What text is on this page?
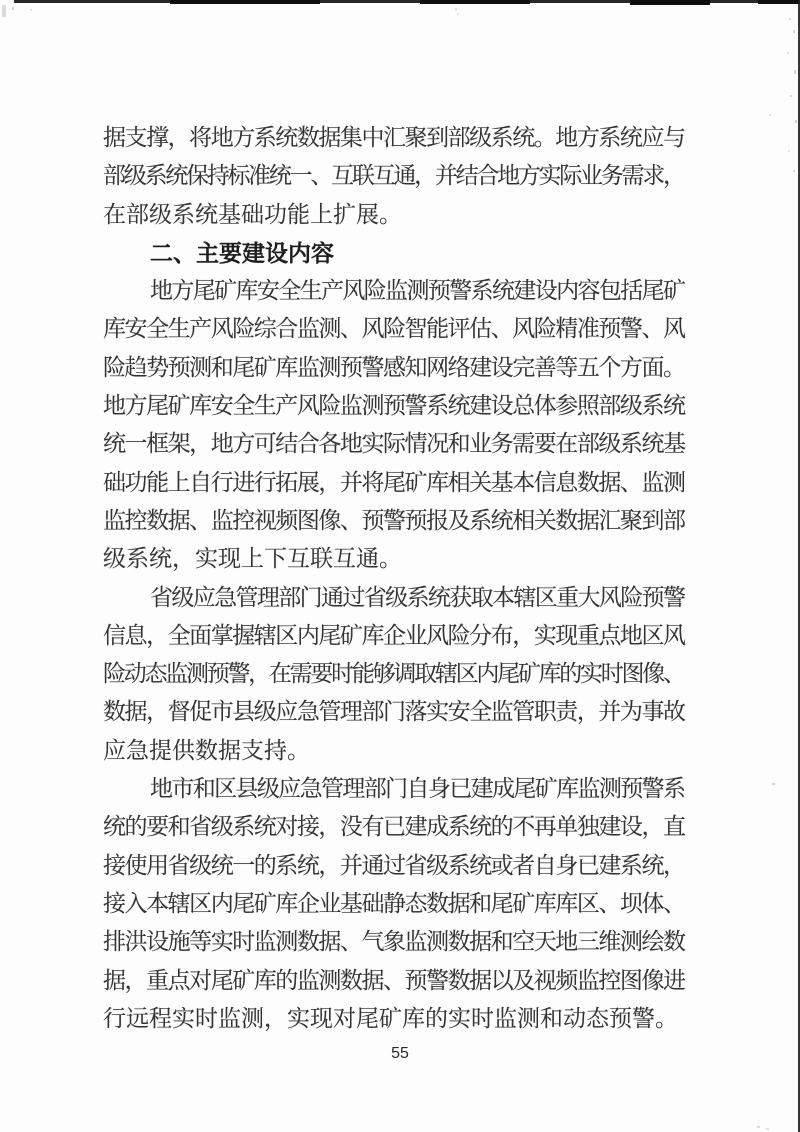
据支撑，将地方系统数据集中汇聚到部级系统。地方系统应与
部级系统保持标准统一、互联互通，并结合地方实际业务需求，
在部级系统基础功能上扩展。
二、主要建设内容
地方尾矿库安全生产风险监测预警系统建设内容包括尾矿
库安全生产风险综合监测、风险智能评估、风险精准预警、风
险趋势预测和尾矿库监测预警感知网络建设完善等五个方面。
地方尾矿库安全生产风险监测预警系统建设总体参照部级系统
统一框架，地方可结合各地实际情况和业务需要在部级系统基
础功能上自行进行拓展，并将尾矿库相关基本信息数据、监测
监控数据、监控视频图像、预警预报及系统相关数据汇聚到部
级系统，实现上下互联互通。
省级应急管理部门通过省级系统获取本辖区重大风险预警
信息，全面掌握辖区内尾矿库企业风险分布，实现重点地区风
险动态监测预警，在需要时能够调取辖区内尾矿库的实时图像、
数据，督促市县级应急管理部门落实安全监管职责，并为事故
应急提供数据支持。
地市和区县级应急管理部门自身已建成尾矿库监测预警系
统的要和省级系统对接，没有已建成系统的不再单独建设，直
接使用省级统一的系统，并通过省级系统或者自身已建系统，
接入本辖区内尾矿库企业基础静态数据和尾矿库库区、坝体、
排洪设施等实时监测数据、气象监测数据和空天地三维测绘数
据，重点对尾矿库的监测数据、预警数据以及视频监控图像进
行远程实时监测，实现对尾矿库的实时监测和动态预警。
55
